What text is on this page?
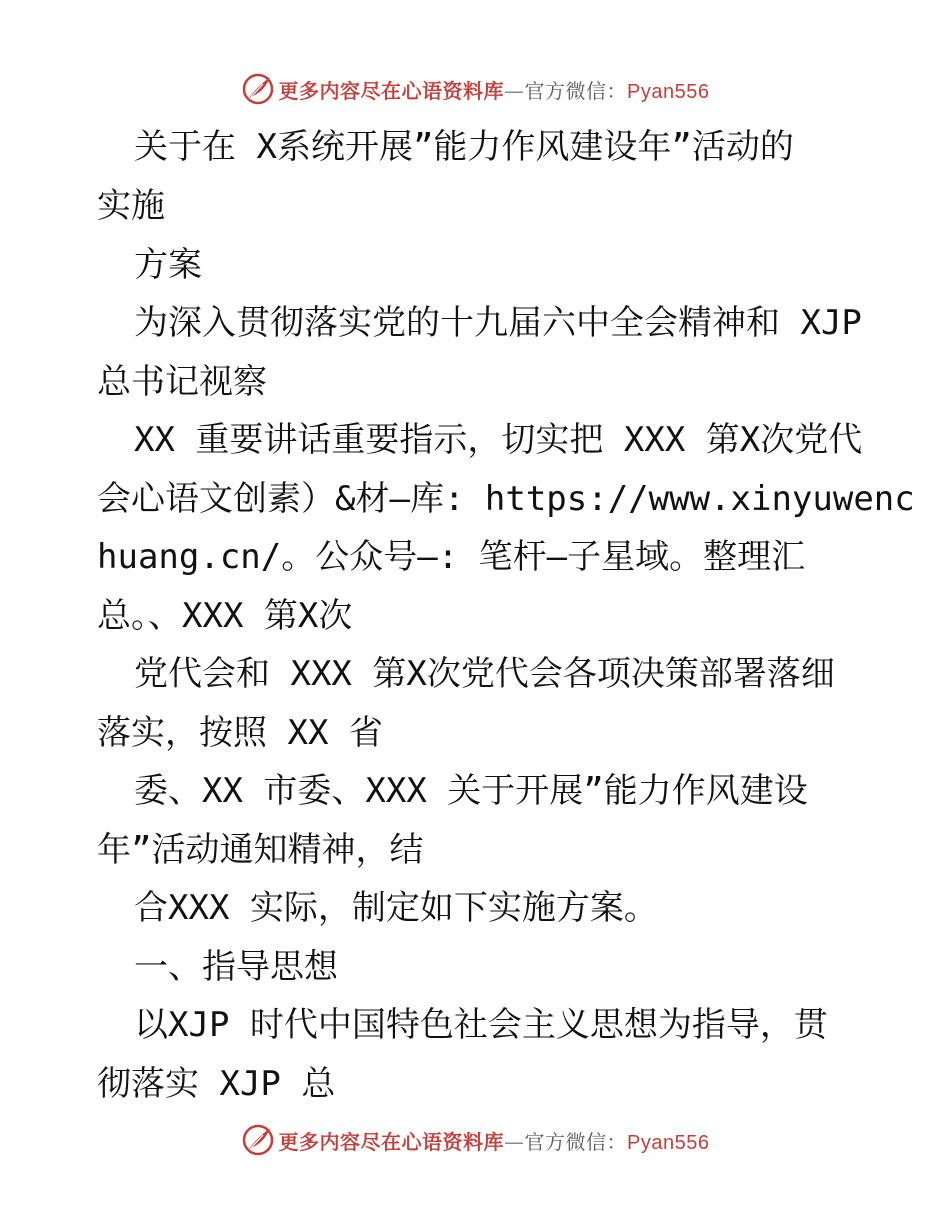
更多内容尽在心语资料库—官方微信：Pyan556
关于在 X系统开展”能力作风建设年”活动的
实施
方案
为深入贯彻落实党的十九届六中全会精神和 XJP
总书记视察
XX 重要讲话重要指示，切实把 XXX 第X次党代
会心语文创素）&材—库: https://www.xinyuwenc
huang.cn/。公众号—: 笔杆—子星域。整理汇
总。、XXX 第X次
党代会和 XXX 第X次党代会各项决策部署落细
落实，按照 XX 省
委、XX 市委、XXX 关于开展”能力作风建设
年”活动通知精神，结
合XXX 实际，制定如下实施方案。
一、指导思想
以XJP 时代中国特色社会主义思想为指导，贯
彻落实 XJP 总
更多内容尽在心语资料库—官方微信：Pyan556
